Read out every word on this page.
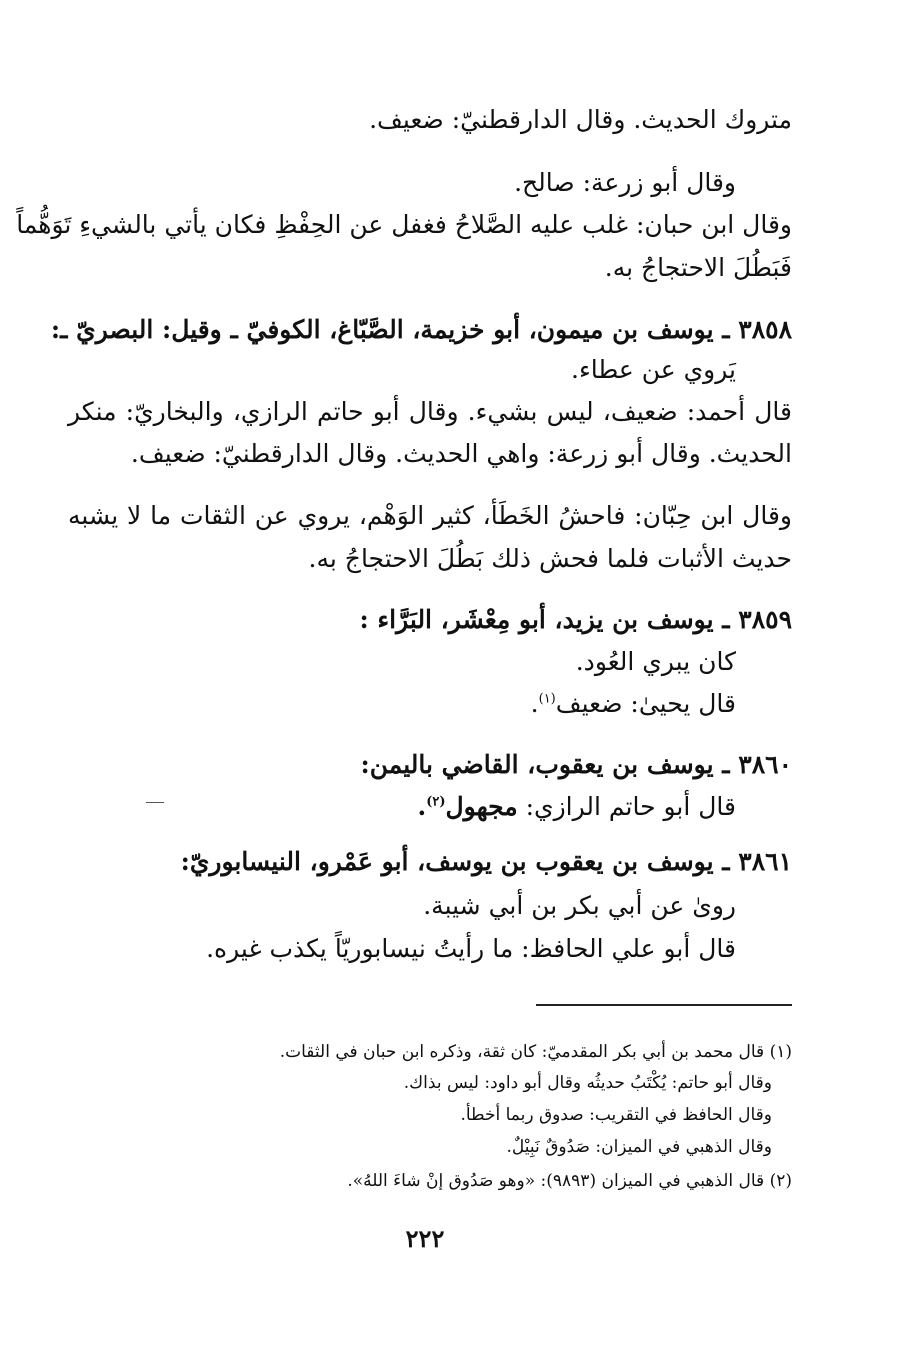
متروك الحديث. وقال الدارقطنيّ: ضعيف.
وقال أبو زرعة: صالح.
وقال ابن حبان: غلب عليه الصَّلاحُ فغفل عن الحِفْظِ فكان يأتي بالشيءِ تَوَهُّماً
فَبَطُلَ الاحتجاجُ به.
٣٨٥٨ ـ يوسف بن ميمون، أبو خزيمة، الصَّبّاغ، الكوفيّ ـ وقيل: البصريّ ـ:
يَروي عن عطاء.
قال أحمد: ضعيف، ليس بشيء. وقال أبو حاتم الرازي، والبخاريّ: منكر
الحديث. وقال أبو زرعة: واهي الحديث. وقال الدارقطنيّ: ضعيف.
وقال ابن حِبّان: فاحشُ الخَطَأ، كثير الوَهْم، يروي عن الثقات ما لا يشبه
حديث الأثبات فلما فحش ذلك بَطُلَ الاحتجاجُ به.
٣٨٥٩ ـ يوسف بن يزيد، أبو مِعْشَر، البَرَّاء :
كان يبري العُود.
قال يحيىٰ: ضعيف$^{(١)}$.
٣٨٦٠ ـ يوسف بن يعقوب، القاضي باليمن:
قال أبو حاتم الرازي: مجهول$^{(٢)}$.
٣٨٦١ ـ يوسف بن يعقوب بن يوسف، أبو عَمْرو، النيسابوريّ:
روىٰ عن أبي بكر بن أبي شيبة.
قال أبو علي الحافظ: ما رأيتُ نيسابوريّاً يكذب غيره.
(١) قال محمد بن أبي بكر المقدميّ: كان ثقة، وذكره ابن حبان في الثقات.
وقال أبو حاتم: يُكْتَبُ حديثُه وقال أبو داود: ليس بذاك.
وقال الحافظ في التقريب: صدوق ربما أخطأ.
وقال الذهبي في الميزان: صَدُوقٌ نَبِيْلٌ.
(٢) قال الذهبي في الميزان (٩٨٩٣): «وهو صَدُوق إنْ شاءَ اللهُ».
٢٢٢
